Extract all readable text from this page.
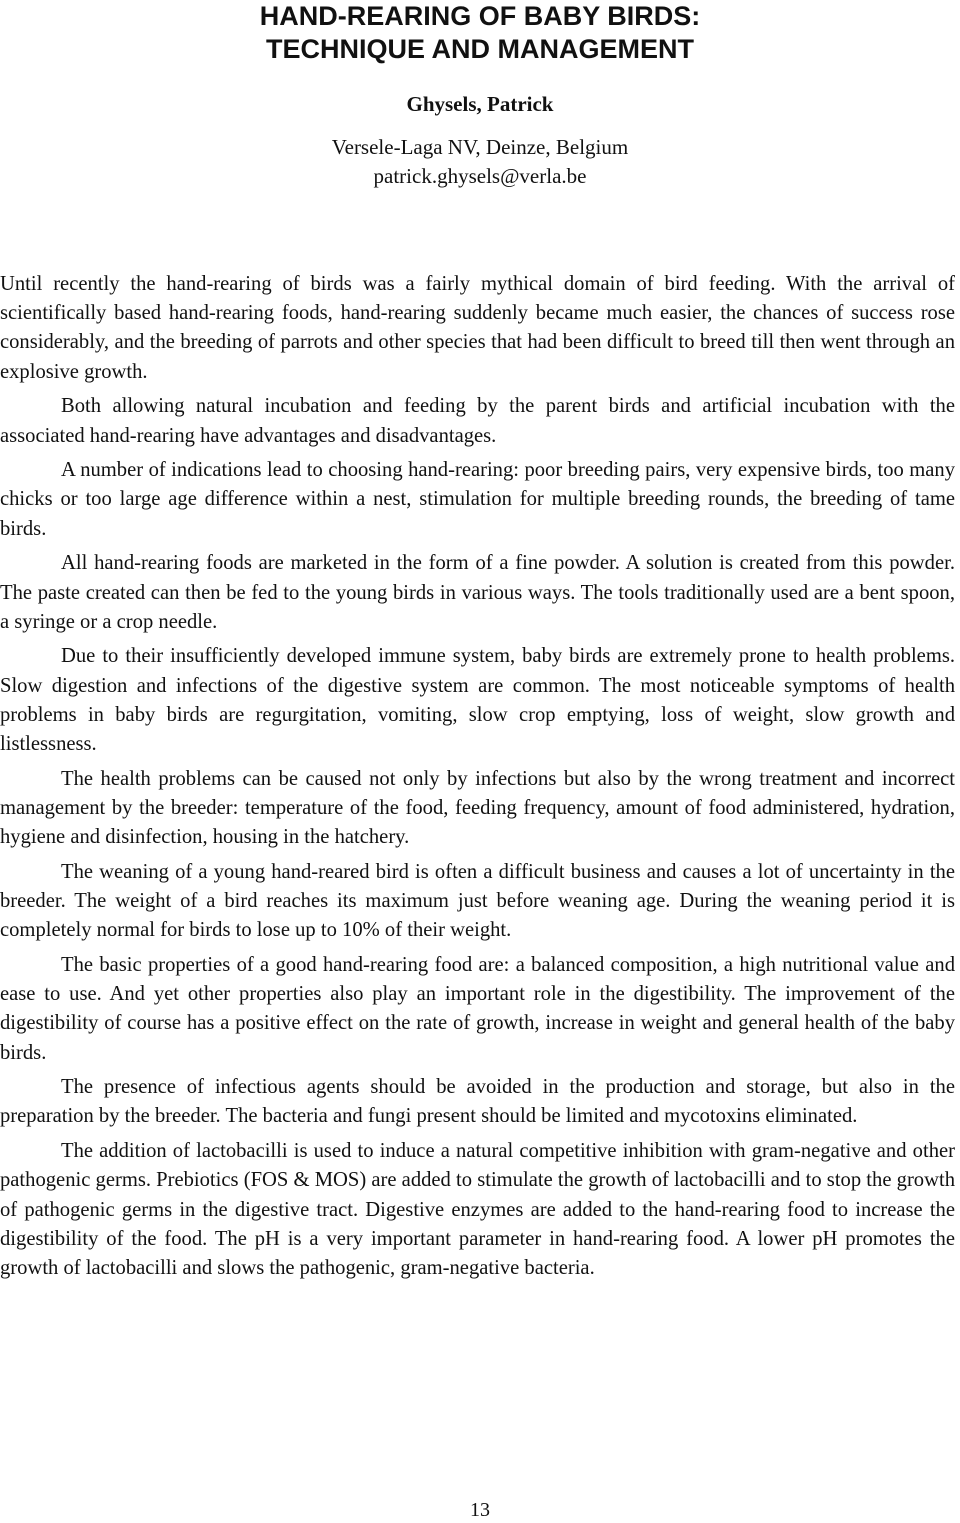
HAND-REARING OF BABY BIRDS:
TECHNIQUE AND MANAGEMENT
Ghysels, Patrick
Versele-Laga NV, Deinze, Belgium
patrick.ghysels@verla.be

Until recently the hand-rearing of birds was a fairly mythical domain of bird feeding. With the arrival of scientifically based hand-rearing foods, hand-rearing suddenly became much easier, the chances of success rose considerably, and the breeding of parrots and other species that had been difficult to breed till then went through an explosive growth.

Both allowing natural incubation and feeding by the parent birds and artificial incubation with the associated hand-rearing have advantages and disadvantages.

A number of indications lead to choosing hand-rearing: poor breeding pairs, very expensive birds, too many chicks or too large age difference within a nest, stimulation for multiple breeding rounds, the breeding of tame birds.

All hand-rearing foods are marketed in the form of a fine powder. A solution is created from this powder. The paste created can then be fed to the young birds in various ways. The tools traditionally used are a bent spoon, a syringe or a crop needle.

Due to their insufficiently developed immune system, baby birds are extremely prone to health problems. Slow digestion and infections of the digestive system are common. The most noticeable symptoms of health problems in baby birds are regurgitation, vomiting, slow crop emptying, loss of weight, slow growth and listlessness.

The health problems can be caused not only by infections but also by the wrong treatment and incorrect management by the breeder: temperature of the food, feeding frequency, amount of food administered, hydration, hygiene and disinfection, housing in the hatchery.

The weaning of a young hand-reared bird is often a difficult business and causes a lot of uncertainty in the breeder. The weight of a bird reaches its maximum just before weaning age. During the weaning period it is completely normal for birds to lose up to 10% of their weight.

The basic properties of a good hand-rearing food are: a balanced composition, a high nutritional value and ease to use. And yet other properties also play an important role in the digestibility. The improvement of the digestibility of course has a positive effect on the rate of growth, increase in weight and general health of the baby birds.

The presence of infectious agents should be avoided in the production and storage, but also in the preparation by the breeder. The bacteria and fungi present should be limited and mycotoxins eliminated.

The addition of lactobacilli is used to induce a natural competitive inhibition with gram-negative and other pathogenic germs. Prebiotics (FOS & MOS) are added to stimulate the growth of lactobacilli and to stop the growth of pathogenic germs in the digestive tract. Digestive enzymes are added to the hand-rearing food to increase the digestibility of the food. The pH is a very important parameter in hand-rearing food. A lower pH promotes the growth of lactobacilli and slows the pathogenic, gram-negative bacteria.

13
